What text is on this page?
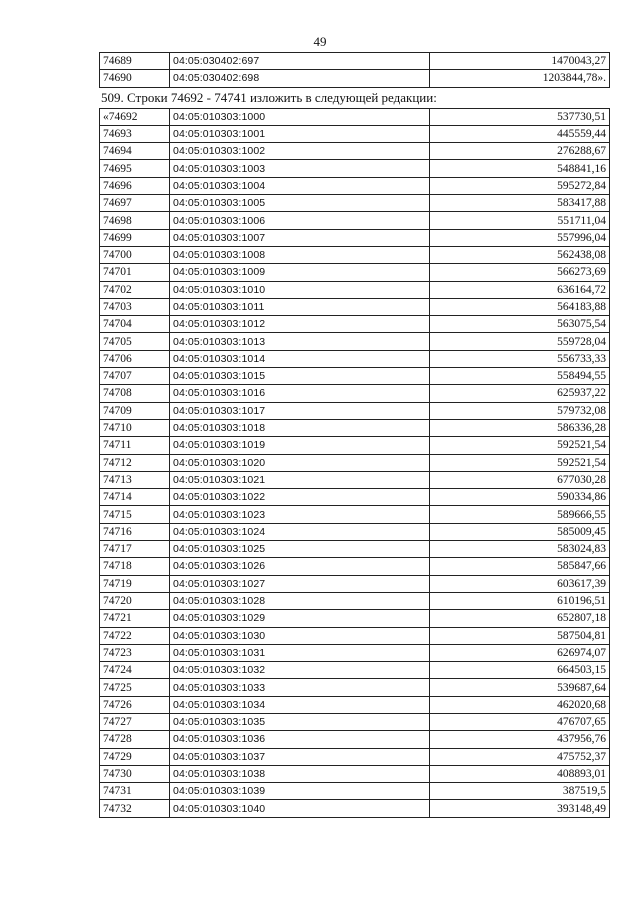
49
74689	04:05:030402:697	1470043,27
74690	04:05:030402:698	1203844,78».
509. Строки 74692 - 74741 изложить в следующей редакции:
«74692	04:05:010303:1000	537730,51
74693	04:05:010303:1001	445559,44
74694	04:05:010303:1002	276288,67
74695	04:05:010303:1003	548841,16
74696	04:05:010303:1004	595272,84
74697	04:05:010303:1005	583417,88
74698	04:05:010303:1006	551711,04
74699	04:05:010303:1007	557996,04
74700	04:05:010303:1008	562438,08
74701	04:05:010303:1009	566273,69
74702	04:05:010303:1010	636164,72
74703	04:05:010303:1011	564183,88
74704	04:05:010303:1012	563075,54
74705	04:05:010303:1013	559728,04
74706	04:05:010303:1014	556733,33
74707	04:05:010303:1015	558494,55
74708	04:05:010303:1016	625937,22
74709	04:05:010303:1017	579732,08
74710	04:05:010303:1018	586336,28
74711	04:05:010303:1019	592521,54
74712	04:05:010303:1020	592521,54
74713	04:05:010303:1021	677030,28
74714	04:05:010303:1022	590334,86
74715	04:05:010303:1023	589666,55
74716	04:05:010303:1024	585009,45
74717	04:05:010303:1025	583024,83
74718	04:05:010303:1026	585847,66
74719	04:05:010303:1027	603617,39
74720	04:05:010303:1028	610196,51
74721	04:05:010303:1029	652807,18
74722	04:05:010303:1030	587504,81
74723	04:05:010303:1031	626974,07
74724	04:05:010303:1032	664503,15
74725	04:05:010303:1033	539687,64
74726	04:05:010303:1034	462020,68
74727	04:05:010303:1035	476707,65
74728	04:05:010303:1036	437956,76
74729	04:05:010303:1037	475752,37
74730	04:05:010303:1038	408893,01
74731	04:05:010303:1039	387519,5
74732	04:05:010303:1040	393148,49
